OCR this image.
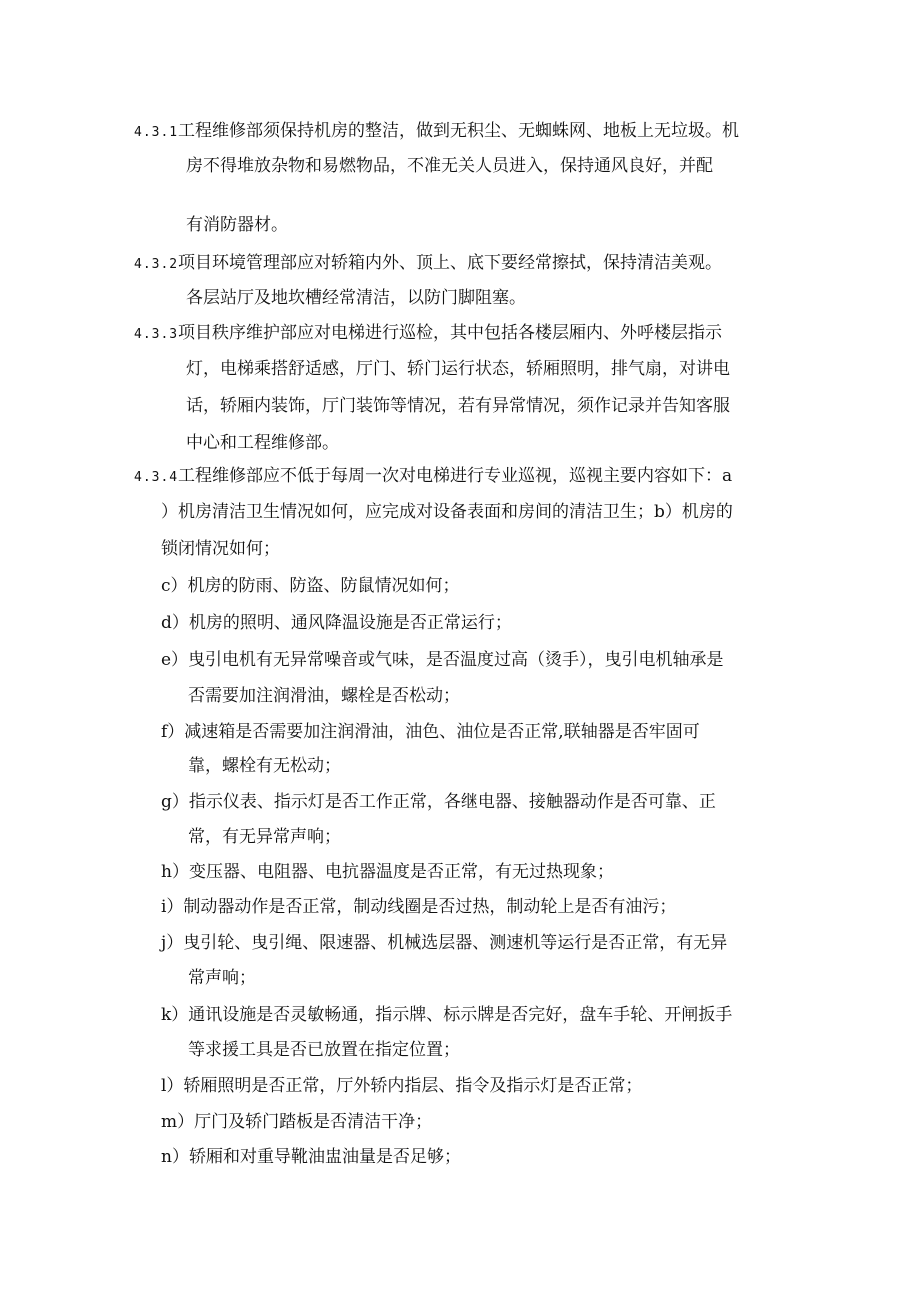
4.3.1工程维修部须保持机房的整洁，做到无积尘、无蜘蛛网、地板上无垃圾。机
房不得堆放杂物和易燃物品，不准无关人员进入，保持通风良好，并配
有消防器材。
4.3.2项目环境管理部应对轿箱内外、顶上、底下要经常擦拭，保持清洁美观。
各层站厅及地坎槽经常清洁，以防门脚阻塞。
4.3.3项目秩序维护部应对电梯进行巡检，其中包括各楼层厢内、外呼楼层指示
灯，电梯乘搭舒适感，厅门、轿门运行状态，轿厢照明，排气扇，对讲电
话，轿厢内装饰，厅门装饰等情况，若有异常情况，须作记录并告知客服
中心和工程维修部。
4.3.4工程维修部应不低于每周一次对电梯进行专业巡视，巡视主要内容如下：a
）机房清洁卫生情况如何，应完成对设备表面和房间的清洁卫生；b）机房的
锁闭情况如何；
c）机房的防雨、防盗、防鼠情况如何；
d）机房的照明、通风降温设施是否正常运行；
e）曳引电机有无异常噪音或气味，是否温度过高（烫手），曳引电机轴承是
否需要加注润滑油，螺栓是否松动；
f）减速箱是否需要加注润滑油，油色、油位是否正常,联轴器是否牢固可
靠，螺栓有无松动；
g）指示仪表、指示灯是否工作正常，各继电器、接触器动作是否可靠、正
常，有无异常声响；
h）变压器、电阻器、电抗器温度是否正常，有无过热现象；
i）制动器动作是否正常，制动线圈是否过热，制动轮上是否有油污；
j）曳引轮、曳引绳、限速器、机械选层器、测速机等运行是否正常，有无异
常声响；
k）通讯设施是否灵敏畅通，指示牌、标示牌是否完好，盘车手轮、开闸扳手
等求援工具是否已放置在指定位置；
l）轿厢照明是否正常，厅外轿内指层、指令及指示灯是否正常；
m）厅门及轿门踏板是否清洁干净；
n）轿厢和对重导靴油盅油量是否足够；
